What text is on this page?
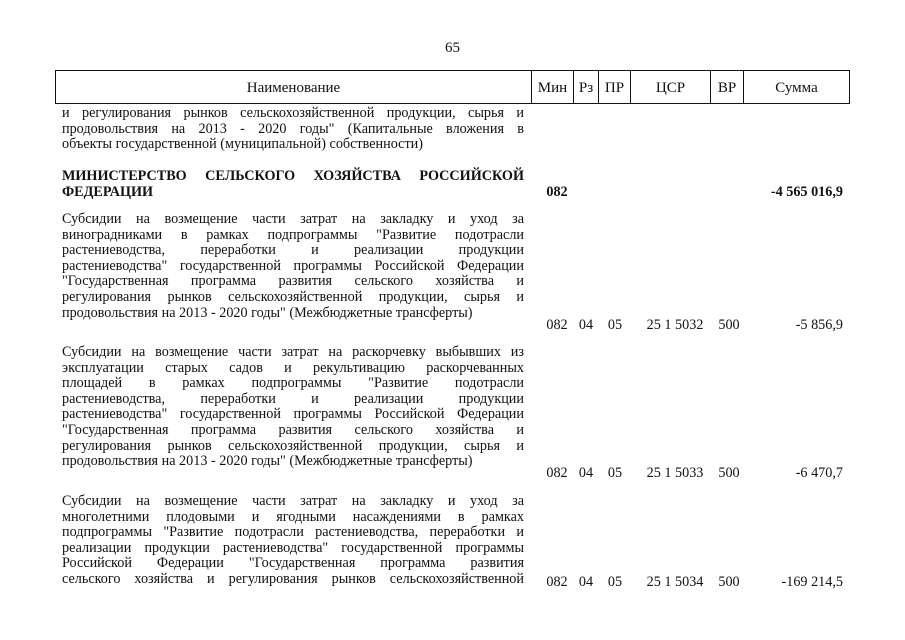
65
Наименование	Мин Рз ПР	ЦСР	ВР	Сумма
и регулирования рынков сельскохозяйственной продукции, сырья и
продовольствия на 2013 - 2020 годы" (Капитальные вложения в
объекты государственной (муниципальной) собственности)
МИНИСТЕРСТВО СЕЛЬСКОГО ХОЗЯЙСТВА РОССИЙСКОЙ
ФЕДЕРАЦИИ	082	-4 565 016,9
Субсидии на возмещение части затрат на закладку и уход за
виноградниками в рамках подпрограммы "Развитие подотрасли
растениеводства, переработки и реализации продукции
растениеводства" государственной программы Российской Федерации
"Государственная программа развития сельского хозяйства и
регулирования рынков сельскохозяйственной продукции, сырья и
продовольствия на 2013 - 2020 годы" (Межбюджетные трансферты)
082 04	05	25 1 5032	500	-5 856,9
Субсидии на возмещение части затрат на раскорчевку выбывших из
эксплуатации старых садов и рекультивацию раскорчеванных
площадей в рамках подпрограммы "Развитие подотрасли
растениеводства, переработки и реализации продукции
растениеводства" государственной программы Российской Федерации
"Государственная программа развития сельского хозяйства и
регулирования рынков сельскохозяйственной продукции, сырья и
продовольствия на 2013 - 2020 годы" (Межбюджетные трансферты)
082 04	05	25 1 5033	500	-6 470,7
Субсидии на возмещение части затрат на закладку и уход за
многолетними плодовыми и ягодными насаждениями в рамках
подпрограммы "Развитие подотрасли растениеводства, переработки и
реализации продукции растениеводства" государственной программы
Российской Федерации "Государственная программа развития
сельского хозяйства и регулирования рынков сельскохозяйственной	082 04	05	25 1 5034	500	-169 214,5
